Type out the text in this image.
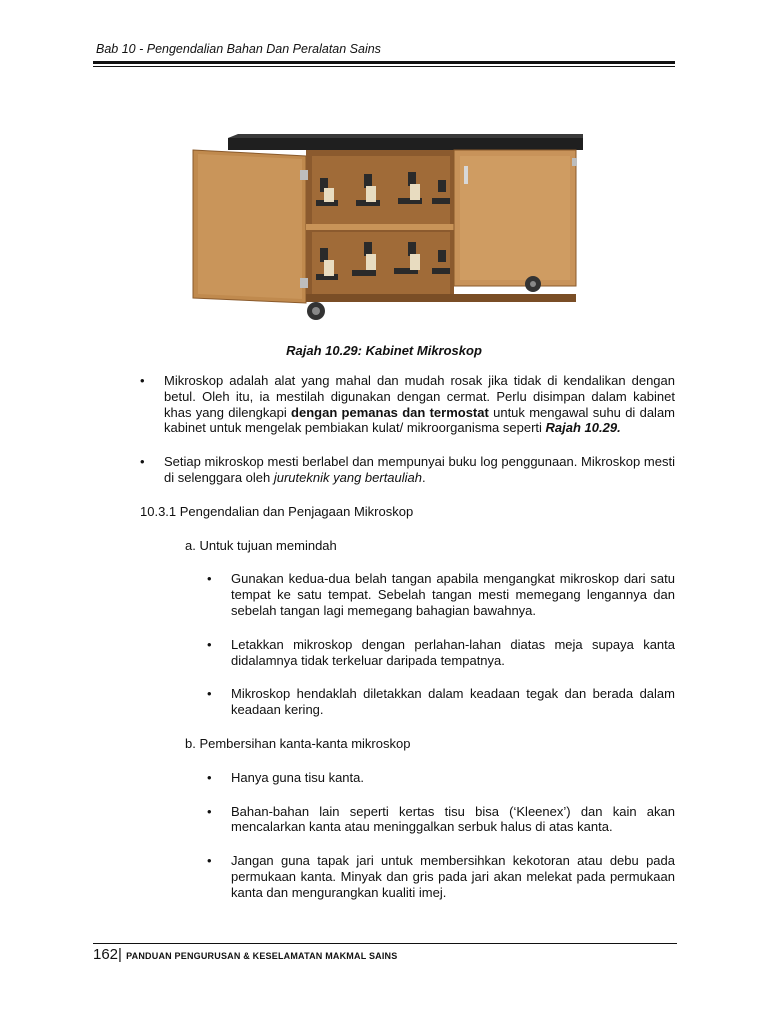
Bab 10 - Pengendalian Bahan Dan Peralatan Sains
Rajah 10.29: Kabinet Mikroskop
• Mikroskop adalah alat yang mahal dan mudah rosak jika tidak di kendalikan dengan betul. Oleh itu, ia mestilah digunakan dengan cermat. Perlu disimpan dalam kabinet khas yang dilengkapi dengan pemanas dan termostat untuk mengawal suhu di dalam kabinet untuk mengelak pembiakan kulat/ mikroorganisma seperti Rajah 10.29.
• Setiap mikroskop mesti berlabel dan mempunyai buku log penggunaan. Mikroskop mesti di selenggara oleh juruteknik yang bertauliah.
10.3.1 Pengendalian dan Penjagaan Mikroskop
a. Untuk tujuan memindah
• Gunakan kedua-dua belah tangan apabila mengangkat mikroskop dari satu tempat ke satu tempat. Sebelah tangan mesti memegang lengannya dan sebelah tangan lagi memegang bahagian bawahnya.
• Letakkan mikroskop dengan perlahan-lahan diatas meja supaya kanta didalamnya tidak terkeluar daripada tempatnya.
• Mikroskop hendaklah diletakkan dalam keadaan tegak dan berada dalam keadaan kering.
b. Pembersihan kanta-kanta mikroskop
• Hanya guna tisu kanta.
• Bahan-bahan lain seperti kertas tisu bisa (‘Kleenex’) dan kain akan mencalarkan kanta atau meninggalkan serbuk halus di atas kanta.
• Jangan guna tapak jari untuk membersihkan kekotoran atau debu pada permukaan kanta. Minyak dan gris pada jari akan melekat pada permukaan kanta dan mengurangkan kualiti imej.
162| PANDUAN PENGURUSAN & KESELAMATAN MAKMAL SAINS
